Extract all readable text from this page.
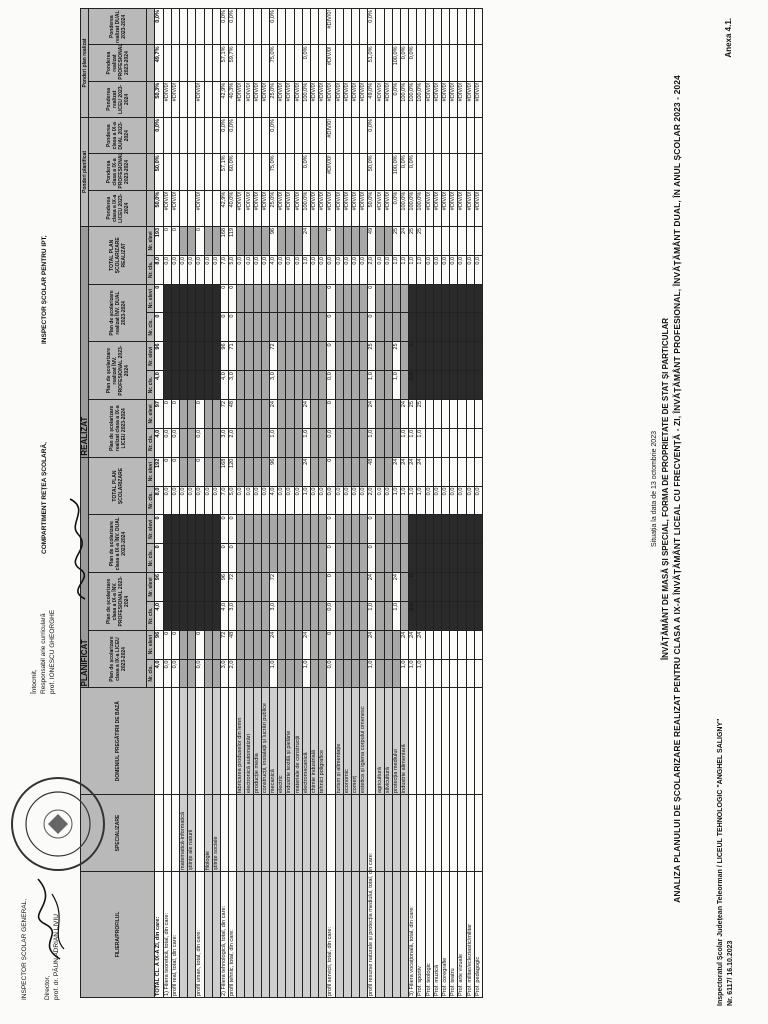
Inspectoratul Școlar Județean Teleorman / LICEUL TEHNOLOGIC "ANGHEL SALIGNY" Nr. 6117/ 16.10.2023
Anexa 4.1.
ANALIZA PLANULUI DE ȘCOLARIZARE REALIZAT PENTRU CLASA A IX-A ÎNVĂȚĂMÂNT LICEAL CU FRECVENȚĂ - ZI, ÎNVĂȚĂMÂNT PROFESIONAL, ÎNVĂȚĂMÂNT DUAL, ÎN ANUL ȘCOLAR 2023 - 2024
ÎNVĂȚĂMÂNT DE MASĂ ȘI SPECIAL, FORMA DE PROPRIETATE DE STAT ȘI PARTICULAR
Situația la data de 13 octombrie 2023
FILIERA/PROFILUL	SPECIALIZARE	DOMENIUL PREGĂTIRII DE BAZĂ	PLANIFICAT								REALIZAT								Ponderi planificat			Ponderi plan realizat		
			Plan de școlarizare clasa a IX-a LICEU 2023-2024		Plan de școlarizare clasa a IX-a ÎNV. PROFESIONAL 2023-2024		Plan de școlarizare clasa a IX-a ÎNV. DUAL 2023-2024		TOTAL PLAN ȘCOLARIZARE		Plan de școlarizare realizat clasa a IX-a LICEU 2023-2024		Plan de școlarizare realizat ÎNV. PROFESIONAL 2023-2024		Plan de școlarizare realizat ÎNV. DUAL 2023-2024		TOTAL PLAN ȘCOLARIZARE REALIZAT		Ponderea clasa a IX-a LICEU 2023-2024	Ponderea clasa a IX-a PROFESIONAL 2023-2024	Ponderea clasa a IX-a DUAL 2023-2024	Ponderea realizat LICEU 2023-2024	Ponderea realizat PROFESIONAL 2023-2024	Ponderea realizat DUAL 2023-2024
			Nr. cls.	Nr. elevi	Nr. cls.	Nr. elevi	Nr. cls.	Nr. elevi	Nr. cls.	Nr. elevi	Nr. cls.	Nr. elevi	Nr. cls.	Nr. elevi	Nr. cls.	Nr. elevi	Nr. cls.	Nr. elevi						
TOTAL CL. A IX-A ZI, din care:			4,0	96	4,0	96	0	0	8,0	192	4,0	97	4,0	96	0	0	8,0	193	50,0%	50,0%	0,0%	50,3%	49,7%	0,0%
1) Filiera teoretică, total, din care:			0,0	0					0,0	0	0,0	0					0,0	0	#DIV/0!			#DIV/0!		
profil real, total, din care:			0,0	0					0,0	0	0,0	0					0,0	0	#DIV/0!			#DIV/0!		
	matematică-informatică								0,0								0,0							
	științe ale naturii								0,0								0,0							
profil uman, total, din care:			0,0	0					0,0	0	0,0	0					0,0	0	#DIV/0!			#DIV/0!		
	filologie								0,0								0,0							
	științe sociale								0,0								0,0							
2) Filiera tehnologică, total, din care:			3,0	72	4,0	96	0	0	7,0	168	3,0	72	4,0	96	0	0	7,0	168	42,9%	57,1%	0,0%	42,9%	57,1%	0,0%
profil tehnic, total, din care:			2,0	48	3,0	72	0	0	5,0	120	2,0	48	3,0	71	0	0	5,0	119	40,0%	60,0%	0,0%	40,3%	59,7%	0,0%
		fabricarea produselor din lemn							0,0								0,0		#DIV/0!			#DIV/0!		
		electronică automatizări							0,0								0,0		#DIV/0!			#DIV/0!		
		producție media							0,0								0,0		#DIV/0!			#DIV/0!		
		construcții, instalații și lucrări publice							0,0								0,0		#DIV/0!			#DIV/0!		
		mecanică	1,0	24	3,0	72			4,0	96	1,0	24	3,0	72			4,0	96	25,0%	75,0%	0,0%	25,0%	75,0%	0,0%
		electric							0,0								0,0		#DIV/0!			#DIV/0!		
		industrie textilă și pielărie							0,0								0,0		#DIV/0!			#DIV/0!		
		materiale de construcții							0,0								0,0		#DIV/0!			#DIV/0!		
		electromecanică	1,0	24					1,0	24	1,0	24					1,0	24	100,0%	0,0%		100,0%	0,0%	
		chimie industrială							0,0								0,0		#DIV/0!			#DIV/0!		
		tehnici poligrafice							0,0								0,0		#DIV/0!			#DIV/0!		
profil servicii, total, din care:			0,0	0	0,0	0	0	0	0,0	0	0,0	0	0,0	0	0	0	0,0	0	#DIV/0!	#DIV/0!	#DIV/0!	#DIV/0!	#DIV/0!	#DIV/0!
		turism și alimentație							0,0								0,0		#DIV/0!			#DIV/0!		
		economic							0,0								0,0		#DIV/0!			#DIV/0!		
		comerț							0,0								0,0		#DIV/0!			#DIV/0!		
		estetica și igiena corpului omenesc							0,0								0,0		#DIV/0!			#DIV/0!		
profil resurse naturale și protecția mediului, total, din care:			1,0	24	1,0	24	0	0	2,0	48	1,0	24	1,0	25	0	0	2,0	49	50,0%	50,0%	0,0%	49,0%	51,0%	0,0%
		agricultură							0,0								0,0		#DIV/0!			#DIV/0!		
		silvicultură							0,0								0,0		#DIV/0!			#DIV/0!		
		protecția mediului			1,0	24			1,0	24			1,0	25			1,0	25	0,0%	100,0%		0,0%	100,0%	
		industrie alimentară	1,0	24					1,0	24	1,0	24					1,0	24	100,0%	0,0%		100,0%	0,0%	
3) Filiera vocațională, total, din care:			1,0	24	0,0	0			1,0	24	1,0	25	0,0	0			1,0	25	100,0%	0,0%		100,0%	0,0%	
Prof. sportiv			1,0	24					1,0	24	1,0	25					1,0	25	100,0%			100,0%		
Prof. teologic									0,0								0,0		#DIV/0!			#DIV/0!		
Prof. muzică									0,0								0,0		#DIV/0!			#DIV/0!		
Prof. coregrafie									0,0								0,0		#DIV/0!			#DIV/0!		
Prof. teatru									0,0								0,0		#DIV/0!			#DIV/0!		
Prof. arte vizuale									0,0								0,0		#DIV/0!			#DIV/0!		
Prof. militar/ecleziastic/militar									0,0								0,0		#DIV/0!			#DIV/0!		
Prof. pedagogic									0,0								0,0		#DIV/0!			#DIV/0!		
INSPECTOR ȘCOLAR GENERAL, Director, prof. dr. PĂUN ADRIAN LIVIU
Întocmit, Responsabil arie curriculară prof. IONESCU GHEORGHE
COMPARTIMENT REȚEA ȘCOLARĂ,
INSPECTOR ȘCOLAR PENTRU IPT,
